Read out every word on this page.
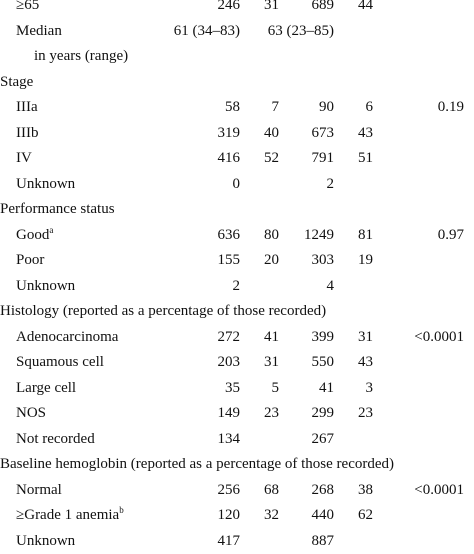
≥65	246 31 689 44
Median	61 (34–83) 63 (23–85)
in years (range)
Stage
IIIa	58 7	90 6	0.19
IIIb	319 40 673 43
IV	416 52 791 51
Unknown	0	2
Performance status
Good$^a$	636 80 1249 81	0.97
Poor	155 20 303 19
Unknown	2	4
Histology (reported as a percentage of those recorded)
Adenocarcinoma	272 41 399 31	<0.0001
Squamous cell	203 31 550 43
Large cell	35 5	41 3
NOS	149 23 299 23
Not recorded	134	267
Baseline hemoglobin (reported as a percentage of those recorded)
Normal	256 68 268 38	<0.0001
≥Grade 1 anemia$^b$	120 32 440 62
Unknown	417	887
